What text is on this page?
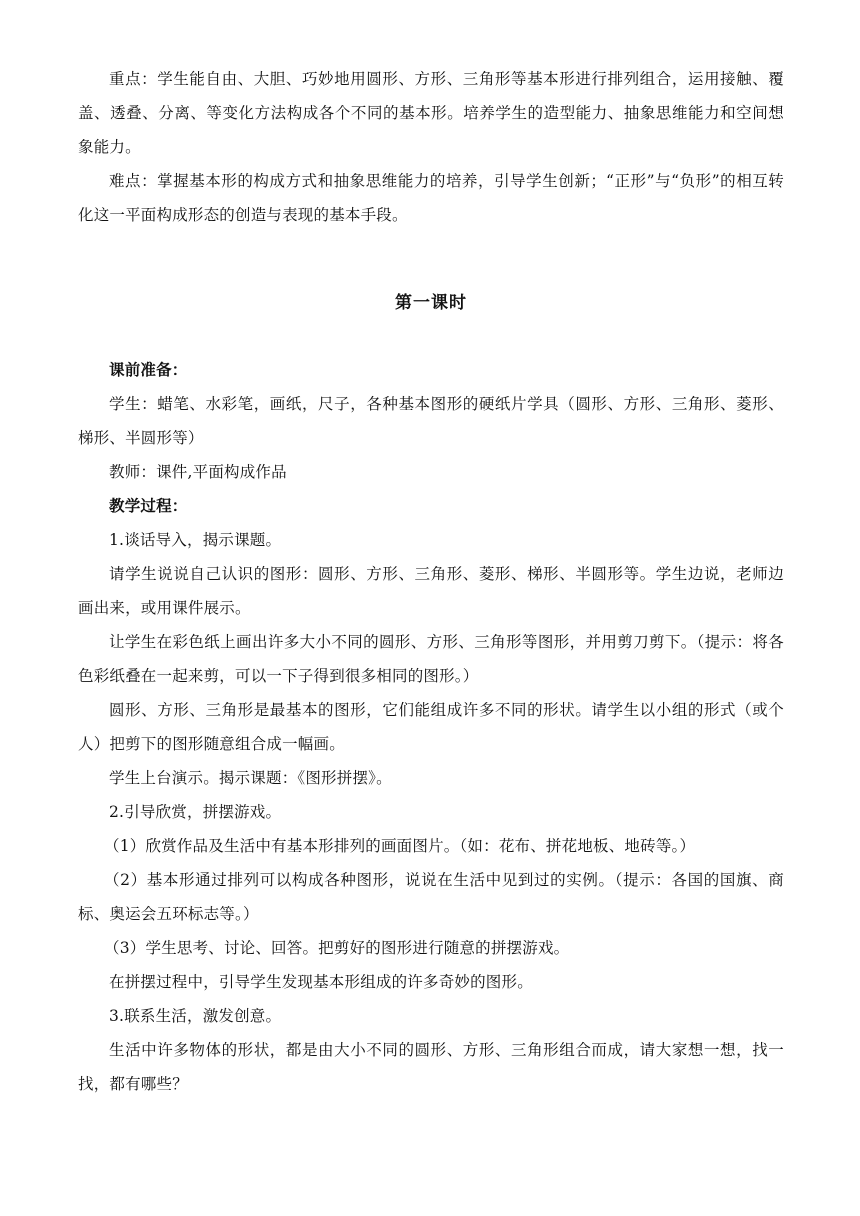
重点：学生能自由、大胆、巧妙地用圆形、方形、三角形等基本形进行排列组合，运用接触、覆盖、透叠、分离、等变化方法构成各个不同的基本形。培养学生的造型能力、抽象思维能力和空间想象能力。

难点：掌握基本形的构成方式和抽象思维能力的培养，引导学生创新；“正形”与“负形”的相互转化这一平面构成形态的创造与表现的基本手段。

第一课时

课前准备：

学生：蜡笔、水彩笔，画纸，尺子，各种基本图形的硬纸片学具（圆形、方形、三角形、菱形、梯形、半圆形等）

教师：课件,平面构成作品

教学过程：

1.谈话导入，揭示课题。

请学生说说自己认识的图形：圆形、方形、三角形、菱形、梯形、半圆形等。学生边说，老师边画出来，或用课件展示。

让学生在彩色纸上画出许多大小不同的圆形、方形、三角形等图形，并用剪刀剪下。（提示：将各色彩纸叠在一起来剪，可以一下子得到很多相同的图形。）

圆形、方形、三角形是最基本的图形，它们能组成许多不同的形状。请学生以小组的形式（或个人）把剪下的图形随意组合成一幅画。

学生上台演示。揭示课题：《图形拼摆》。

2.引导欣赏，拼摆游戏。

（1）欣赏作品及生活中有基本形排列的画面图片。（如：花布、拼花地板、地砖等。）

（2）基本形通过排列可以构成各种图形，说说在生活中见到过的实例。（提示：各国的国旗、商标、奥运会五环标志等。）

（3）学生思考、讨论、回答。把剪好的图形进行随意的拼摆游戏。

在拼摆过程中，引导学生发现基本形组成的许多奇妙的图形。

3.联系生活，激发创意。

生活中许多物体的形状，都是由大小不同的圆形、方形、三角形组合而成，请大家想一想，找一找，都有哪些？
